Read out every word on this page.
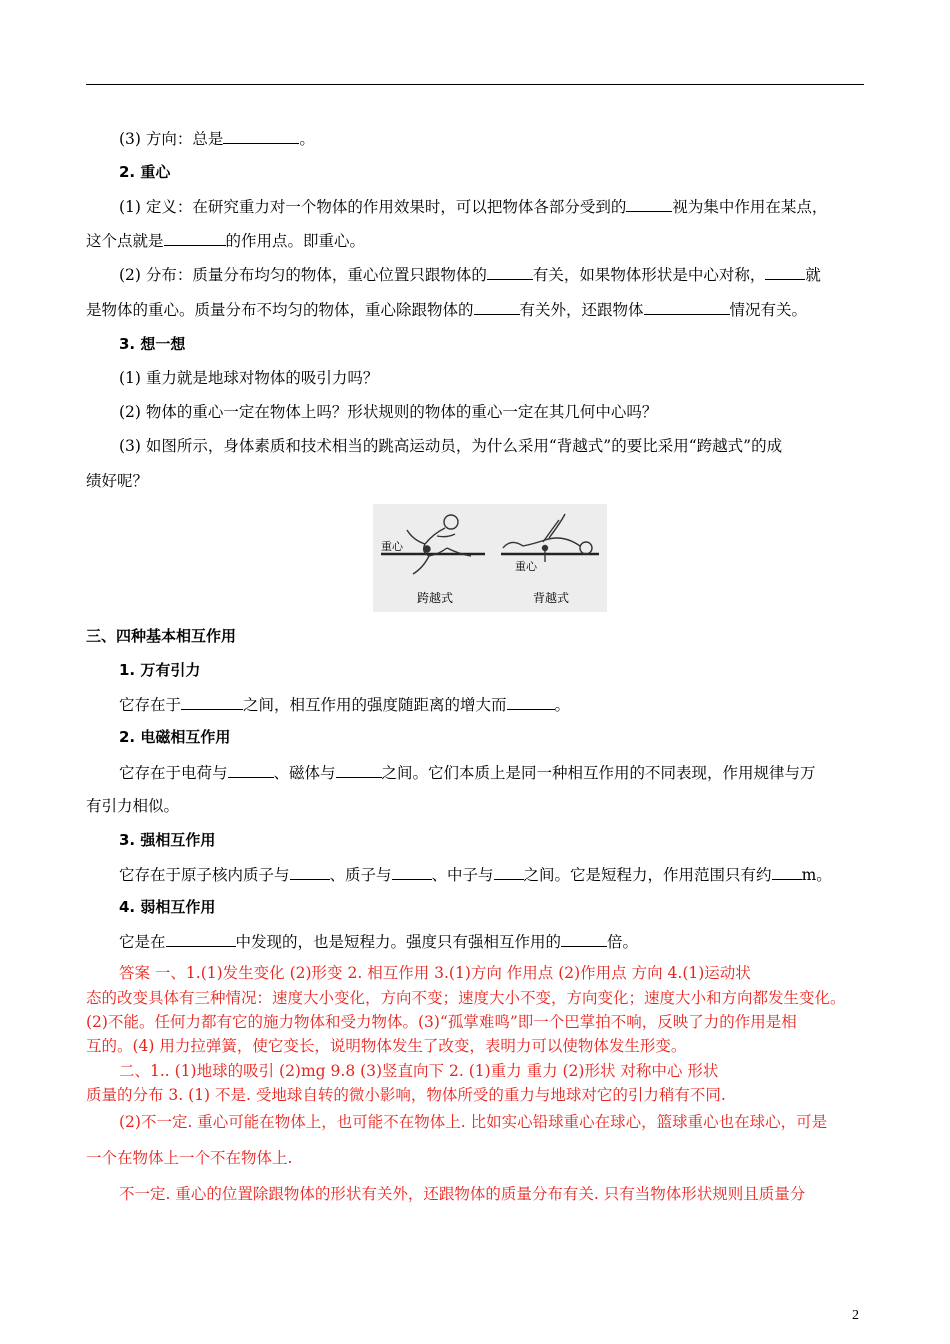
(3) 方向：总是	。
2. 重心
(1) 定义：在研究重力对一个物体的作用效果时，可以把物体各部分受到的	视为集中作用在某点，
这个点就是	的作用点。即重心。
(2) 分布：质量分布均匀的物体，重心位置只跟物体的	有关，如果物体形状是中心对称，	就
是物体的重心。质量分布不均匀的物体，重心除跟物体的	有关外，还跟物体	情况有关。
3. 想一想
(1) 重力就是地球对物体的吸引力吗？
(2) 物体的重心一定在物体上吗？形状规则的物体的重心一定在其几何中心吗？
(3) 如图所示，身体素质和技术相当的跳高运动员，为什么采用“背越式”的要比采用“跨越式”的成
绩好呢？
重心
重心
跨越式	背越式
三、四种基本相互作用
1. 万有引力
它存在于	之间，相互作用的强度随距离的增大而	。
2. 电磁相互作用
它存在于电荷与	、磁体与	之间。它们本质上是同一种相互作用的不同表现，作用规律与万
有引力相似。
3. 强相互作用
它存在于原子核内质子与	、质子与	、中子与 之间。它是短程力，作用范围只有约 m。
4. 弱相互作用
它是在	中发现的，也是短程力。强度只有强相互作用的	倍。
答案 一、1.(1)发生变化 (2)形变 2. 相互作用 3.(1)方向 作用点 (2)作用点 方向 4.(1)运动状
态的改变具体有三种情况：速度大小变化，方向不变；速度大小不变，方向变化；速度大小和方向都发生变化。
(2)不能。任何力都有它的施力物体和受力物体。(3)“孤掌难鸣”即一个巴掌拍不响，反映了力的作用是相
互的。(4) 用力拉弹簧，使它变长，说明物体发生了改变，表明力可以使物体发生形变。
二、1.. (1)地球的吸引 (2)mg 9.8 (3)竖直向下 2. (1)重力 重力 (2)形状 对称中心 形状
质量的分布 3. (1) 不是. 受地球自转的微小影响，物体所受的重力与地球对它的引力稍有不同.
(2)不一定. 重心可能在物体上，也可能不在物体上. 比如实心铅球重心在球心，篮球重心也在球心，可是
一个在物体上一个不在物体上.
不一定. 重心的位置除跟物体的形状有关外，还跟物体的质量分布有关. 只有当物体形状规则且质量分
2
